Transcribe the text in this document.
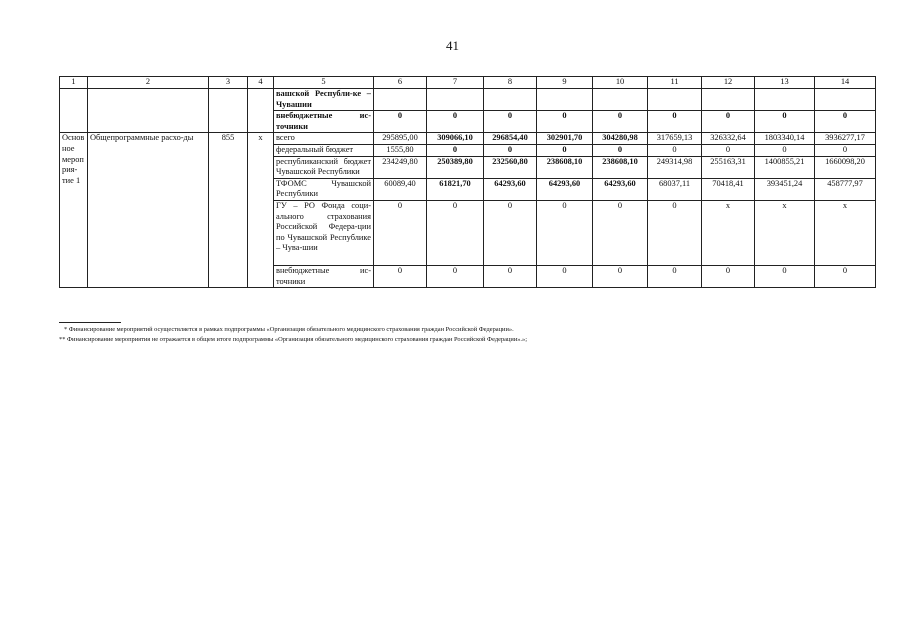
41
1	2	3	4	5	6	7	8	9	10	11	12	13	14
				вашской Республи-ке – Чувашии									
				внебюджетные ис-точники	0	0	0	0	0	0	0	0	0
Основное мероприя-тие 1	Общепрограммные расхо-ды	855	x	всего	295895,00	309066,10	296854,40	302901,70	304280,98	317659,13	326332,64	1803340,14	3936277,17
				федеральный бюджет	1555,80	0	0	0	0	0	0	0	0
				республиканский бюджет Чувашской Республики	234249,80	250389,80	232560,80	238608,10	238608,10	249314,98	255163,31	1400855,21	1660098,20
				ТФОМС Чувашской Республики	60089,40	61821,70	64293,60	64293,60	64293,60	68037,11	70418,41	393451,24	458777,97
				ГУ – РО Фонда соци-ального страхования Российской Федера-ции по Чувашской Республике – Чува-шии	0	0	0	0	0	0	x	x	x
				внебюджетные ис-точники	0	0	0	0	0	0	0	0	0
* Финансирование мероприятий осуществляется в рамках подпрограммы «Организация обязательного медицинского страхования граждан Российской Федерации».
** Финансирование мероприятия не отражается в общем итоге подпрограммы «Организация обязательного медицинского страхования граждан Российской Федерации».»;
